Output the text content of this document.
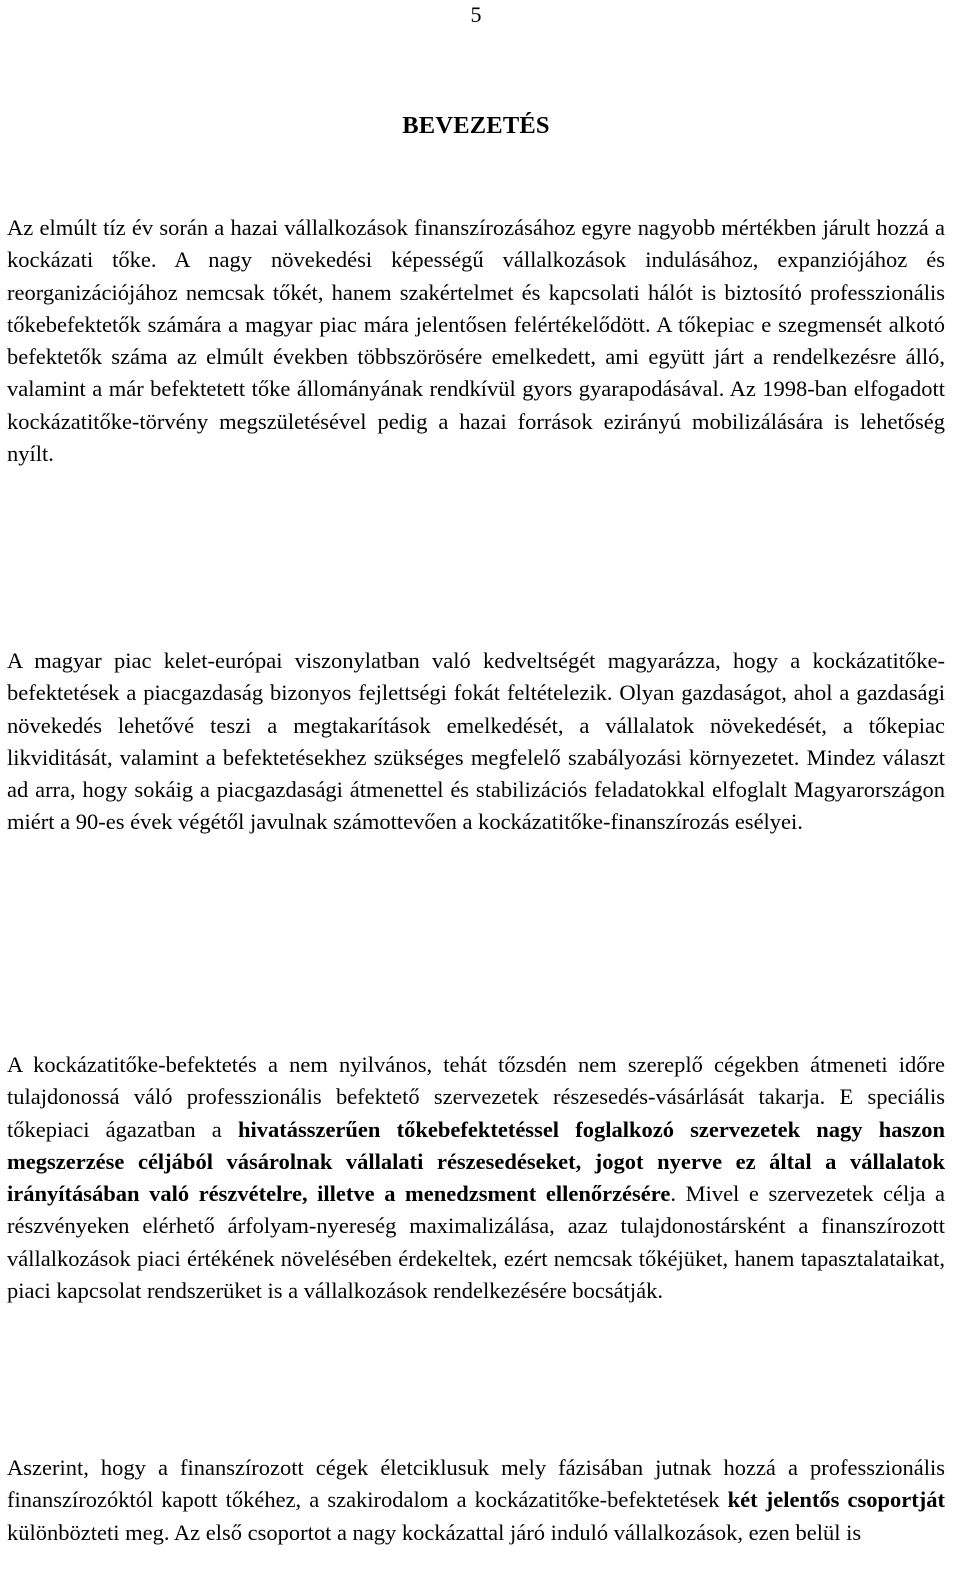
5
BEVEZETÉS

Az elmúlt tíz év során a hazai vállalkozások finanszírozásához egyre nagyobb mértékben járult hozzá a kockázati tőke. A nagy növekedési képességű vállalkozások indulásához, expanziójához és reorganizációjához nemcsak tőkét, hanem szakértelmet és kapcsolati hálót is biztosító professzionális tőkebefektetők számára a magyar piac mára jelentősen felértékelődött. A tőkepiac e szegmensét alkotó befektetők száma az elmúlt években többszörösére emelkedett, ami együtt járt a rendelkezésre álló, valamint a már befektetett tőke állományának rendkívül gyors gyarapodásával. Az 1998-ban elfogadott kockázatitőke-törvény megszületésével pedig a hazai források ezirányú mobilizálására is lehetőség nyílt.

A magyar piac kelet-európai viszonylatban való kedveltségét magyarázza, hogy a kockázatitőke-befektetések a piacgazdaság bizonyos fejlettségi fokát feltételezik. Olyan gazdaságot, ahol a gazdasági növekedés lehetővé teszi a megtakarítások emelkedését, a vállalatok növekedését, a tőkepiac likviditását, valamint a befektetésekhez szükséges megfelelő szabályozási környezetet. Mindez választ ad arra, hogy sokáig a piacgazdasági átmenettel és stabilizációs feladatokkal elfoglalt Magyarországon miért a 90-es évek végétől javulnak számottevően a kockázatitőke-finanszírozás esélyei.

A kockázatitőke-befektetés a nem nyilvános, tehát tőzsdén nem szereplő cégekben átmeneti időre tulajdonossá váló professzionális befektető szervezetek részesedés-vásárlását takarja. E speciális tőkepiaci ágazatban a hivatásszerűen tőkebefektetéssel foglalkozó szervezetek nagy haszon megszerzése céljából vásárolnak vállalati részesedéseket, jogot nyerve ez által a vállalatok irányításában való részvételre, illetve a menedzsment ellenőrzésére. Mivel e szervezetek célja a részvényeken elérhető árfolyam-nyereség maximalizálása, azaz tulajdonostársként a finanszírozott vállalkozások piaci értékének növelésében érdekeltek, ezért nemcsak tőkéjüket, hanem tapasztalataikat, piaci kapcsolat rendszerüket is a vállalkozások rendelkezésére bocsátják.

Aszerint, hogy a finanszírozott cégek életciklusuk mely fázisában jutnak hozzá a professzionális finanszírozóktól kapott tőkéhez, a szakirodalom a kockázatitőke-befektetések két jelentős csoportját különbözteti meg. Az első csoportot a nagy kockázattal járó induló vállalkozások, ezen belül is
